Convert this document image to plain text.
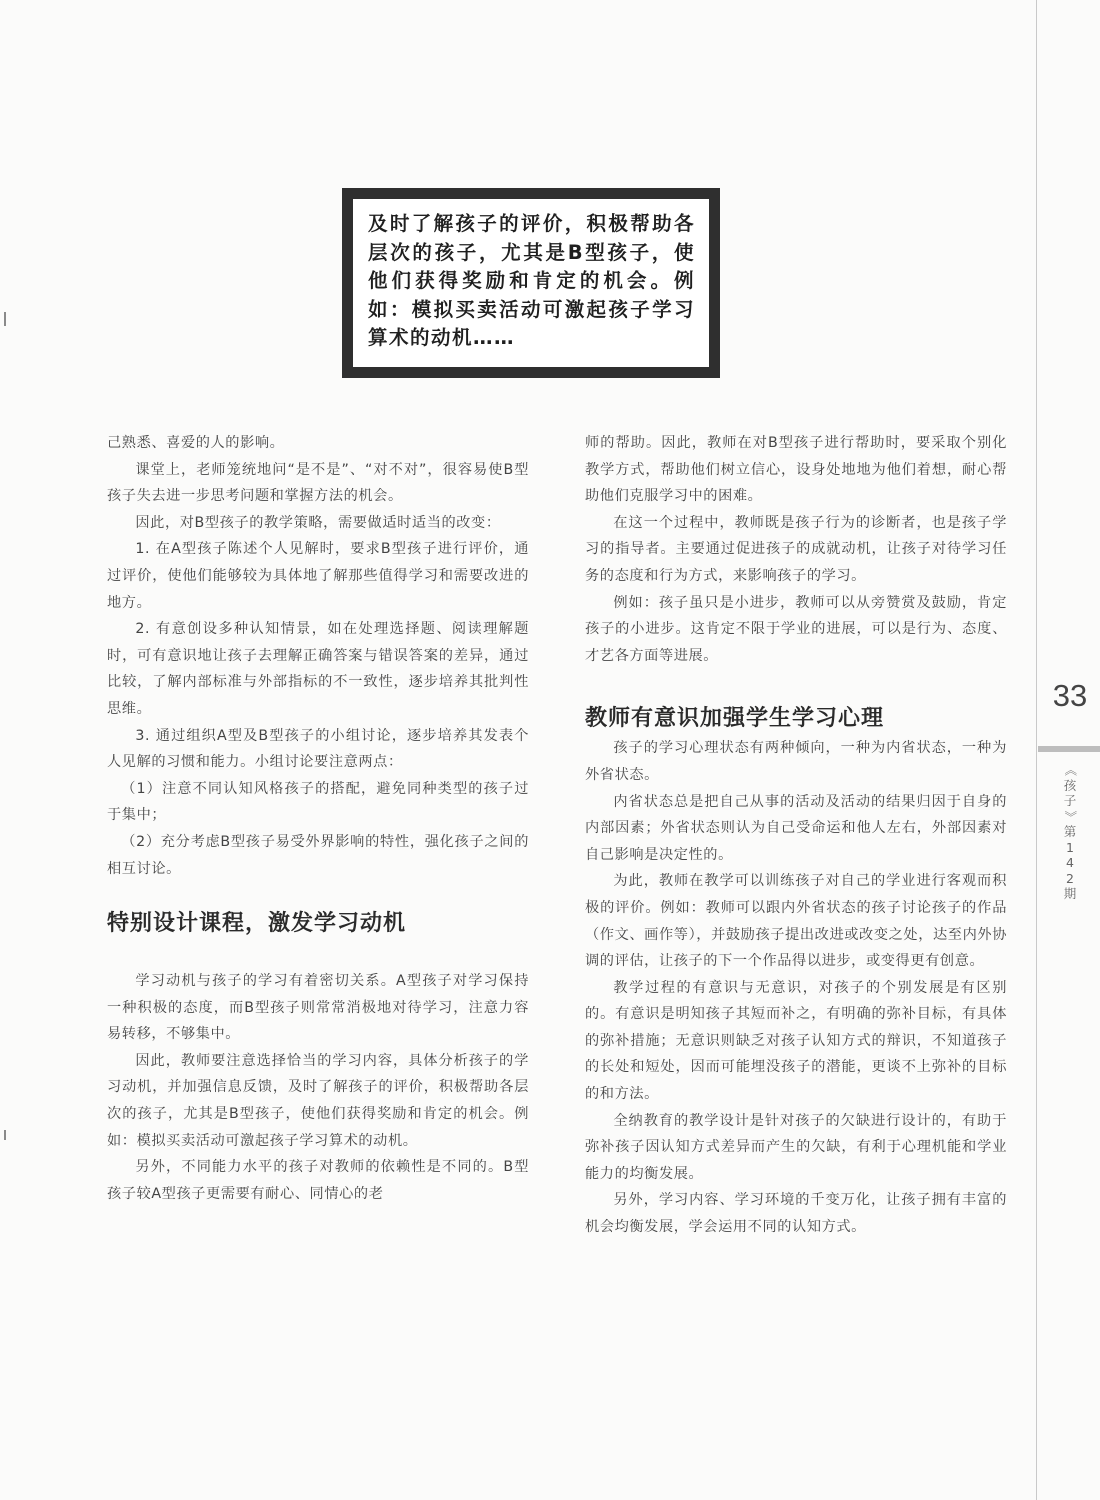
及时了解孩子的评价，积极帮助各层次的孩子，尤其是B型孩子，使他们获得奖励和肯定的机会。例如：模拟买卖活动可激起孩子学习算术的动机……

己熟悉、喜爱的人的影响。

课堂上，老师笼统地问“是不是”、“对不对”，很容易使B型孩子失去进一步思考问题和掌握方法的机会。

因此，对B型孩子的教学策略，需要做适时适当的改变：

1. 在A型孩子陈述个人见解时，要求B型孩子进行评价，通过评价，使他们能够较为具体地了解那些值得学习和需要改进的地方。

2. 有意创设多种认知情景，如在处理选择题、阅读理解题时，可有意识地让孩子去理解正确答案与错误答案的差异，通过比较，了解内部标准与外部指标的不一致性，逐步培养其批判性思维。

3. 通过组织A型及B型孩子的小组讨论，逐步培养其发表个人见解的习惯和能力。小组讨论要注意两点：

（1）注意不同认知风格孩子的搭配，避免同种类型的孩子过于集中；

（2）充分考虑B型孩子易受外界影响的特性，强化孩子之间的相互讨论。

特别设计课程，激发学习动机

学习动机与孩子的学习有着密切关系。A型孩子对学习保持一种积极的态度，而B型孩子则常常消极地对待学习，注意力容易转移，不够集中。

因此，教师要注意选择恰当的学习内容，具体分析孩子的学习动机，并加强信息反馈，及时了解孩子的评价，积极帮助各层次的孩子，尤其是B型孩子，使他们获得奖励和肯定的机会。例如：模拟买卖活动可激起孩子学习算术的动机。

另外，不同能力水平的孩子对教师的依赖性是不同的。B型孩子较A型孩子更需要有耐心、同情心的老

师的帮助。因此，教师在对B型孩子进行帮助时，要采取个别化教学方式，帮助他们树立信心，设身处地地为他们着想，耐心帮助他们克服学习中的困难。

在这一个过程中，教师既是孩子行为的诊断者，也是孩子学习的指导者。主要通过促进孩子的成就动机，让孩子对待学习任务的态度和行为方式，来影响孩子的学习。

例如：孩子虽只是小进步，教师可以从旁赞赏及鼓励，肯定孩子的小进步。这肯定不限于学业的进展，可以是行为、态度、才艺各方面等进展。

教师有意识加强学生学习心理

孩子的学习心理状态有两种倾向，一种为内省状态，一种为外省状态。

内省状态总是把自己从事的活动及活动的结果归因于自身的内部因素；外省状态则认为自己受命运和他人左右，外部因素对自己影响是决定性的。

为此，教师在教学可以训练孩子对自己的学业进行客观而积极的评价。例如：教师可以跟内外省状态的孩子讨论孩子的作品（作文、画作等），并鼓励孩子提出改进或改变之处，达至内外协调的评估，让孩子的下一个作品得以进步，或变得更有创意。

教学过程的有意识与无意识，对孩子的个别发展是有区别的。有意识是明知孩子其短而补之，有明确的弥补目标，有具体的弥补措施；无意识则缺乏对孩子认知方式的辩识，不知道孩子的长处和短处，因而可能埋没孩子的潜能，更谈不上弥补的目标的和方法。

全纳教育的教学设计是针对孩子的欠缺进行设计的，有助于弥补孩子因认知方式差异而产生的欠缺，有利于心理机能和学业能力的均衡发展。

另外，学习内容、学习环境的千变万化，让孩子拥有丰富的机会均衡发展，学会运用不同的认知方式。

33
《
孩
子
》
第
1
4
2
期
